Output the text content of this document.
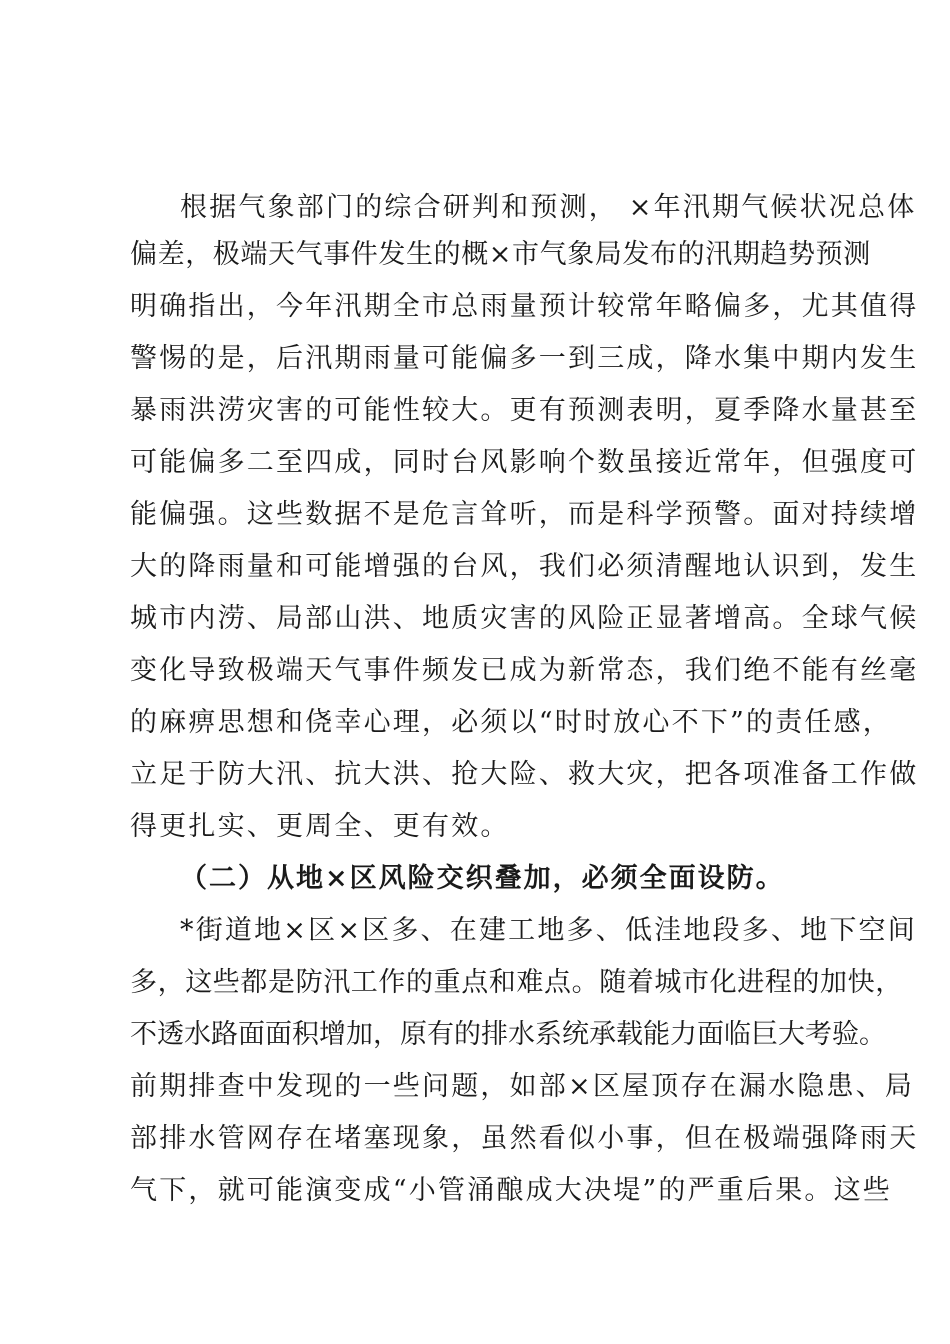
根据气象部门的综合研判和预测， ×年汛期气候状况总体
偏差，极端天气事件发生的概×市气象局发布的汛期趋势预测
明确指出，今年汛期全市总雨量预计较常年略偏多，尤其值得
警惕的是，后汛期雨量可能偏多一到三成，降水集中期内发生
暴雨洪涝灾害的可能性较大。更有预测表明，夏季降水量甚至
可能偏多二至四成，同时台风影响个数虽接近常年，但强度可
能偏强。这些数据不是危言耸听，而是科学预警。面对持续增
大的降雨量和可能增强的台风，我们必须清醒地认识到，发生
城市内涝、局部山洪、地质灾害的风险正显著增高。全球气候
变化导致极端天气事件频发已成为新常态，我们绝不能有丝毫
的麻痹思想和侥幸心理，必须以“时时放心不下”的责任感，
立足于防大汛、抗大洪、抢大险、救大灾，把各项准备工作做
得更扎实、更周全、更有效。
（二）从地×区风险交织叠加，必须全面设防。
*街道地×区×区多、在建工地多、低洼地段多、地下空间
多，这些都是防汛工作的重点和难点。随着城市化进程的加快，
不透水路面面积增加，原有的排水系统承载能力面临巨大考验。
前期排查中发现的一些问题，如部×区屋顶存在漏水隐患、局
部排水管网存在堵塞现象，虽然看似小事，但在极端强降雨天
气下，就可能演变成“小管涌酿成大决堤”的严重后果。这些
